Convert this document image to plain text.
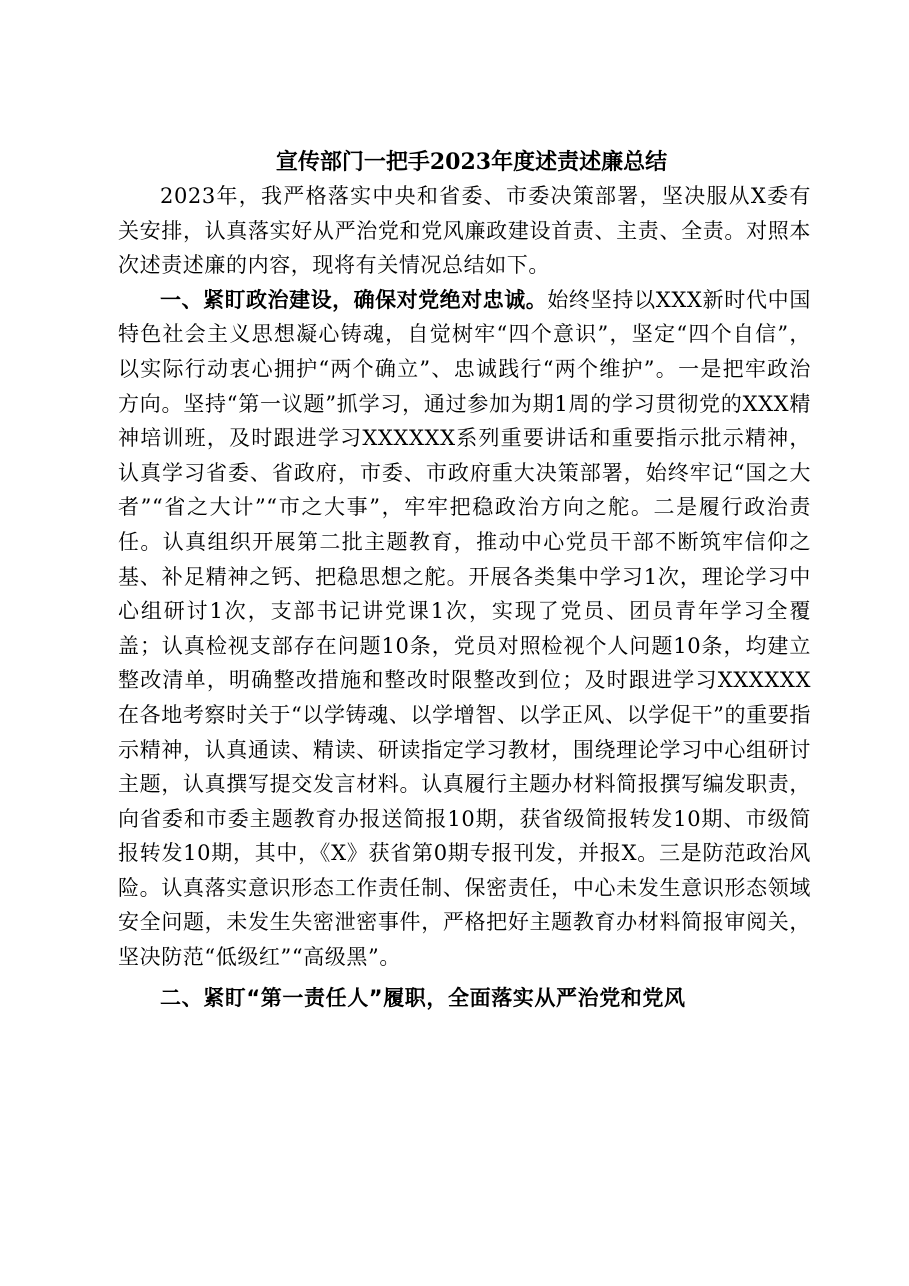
宣传部门一把手2023年度述责述廉总结

2023年，我严格落实中央和省委、市委决策部署，坚决服从X委有关安排，认真落实好从严治党和党风廉政建设首责、主责、全责。对照本次述责述廉的内容，现将有关情况总结如下。

一、紧盯政治建设，确保对党绝对忠诚。始终坚持以XXX新时代中国特色社会主义思想凝心铸魂，自觉树牢“四个意识”，坚定“四个自信”，以实际行动衷心拥护“两个确立”、忠诚践行“两个维护”。一是把牢政治方向。坚持“第一议题”抓学习，通过参加为期1周的学习贯彻党的XXX精神培训班，及时跟进学习XXXXXX系列重要讲话和重要指示批示精神，认真学习省委、省政府，市委、市政府重大决策部署，始终牢记“国之大者”“省之大计”“市之大事”，牢牢把稳政治方向之舵。二是履行政治责任。认真组织开展第二批主题教育，推动中心党员干部不断筑牢信仰之基、补足精神之钙、把稳思想之舵。开展各类集中学习1次，理论学习中心组研讨1次，支部书记讲党课1次，实现了党员、团员青年学习全覆盖；认真检视支部存在问题10条，党员对照检视个人问题10条，均建立整改清单，明确整改措施和整改时限整改到位；及时跟进学习XXXXXX在各地考察时关于“以学铸魂、以学增智、以学正风、以学促干”的重要指示精神，认真通读、精读、研读指定学习教材，围绕理论学习中心组研讨主题，认真撰写提交发言材料。认真履行主题办材料简报撰写编发职责，向省委和市委主题教育办报送简报10期，获省级简报转发10期、市级简报转发10期，其中，《X》获省第0期专报刊发，并报X。三是防范政治风险。认真落实意识形态工作责任制、保密责任，中心未发生意识形态领域安全问题，未发生失密泄密事件，严格把好主题教育办材料简报审阅关，坚决防范“低级红”“高级黑”。

二、紧盯“第一责任人”履职，全面落实从严治党和党风
